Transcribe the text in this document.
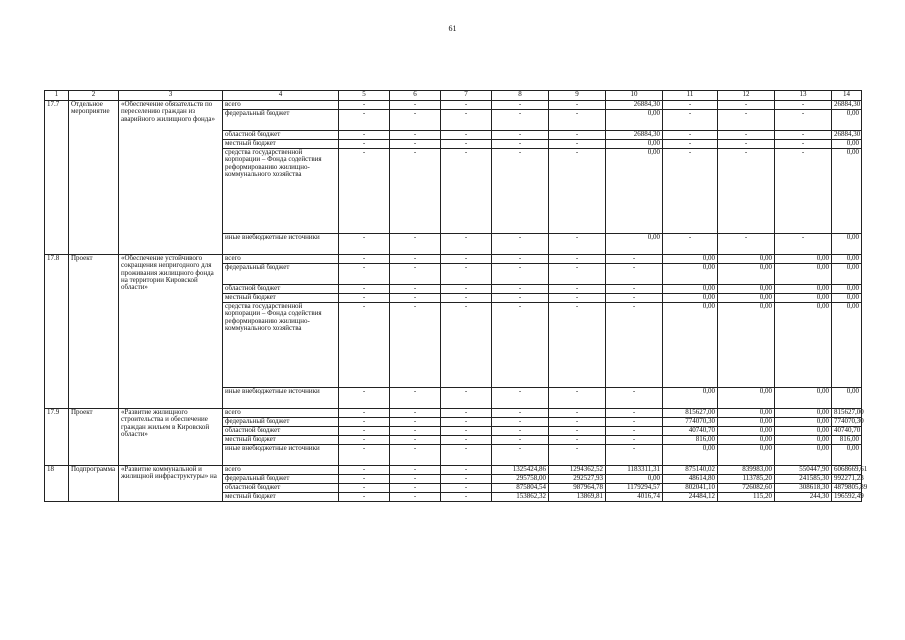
61
1	2	3	4	5	6	7	8	9	10	11	12	13	14
17.7	Отдельное мероприятие	«Обеспечение обязательств по переселению граждан из аварийного жилищного фонда»	всего	-	-	-	-	-	26884,30	-	-	-	26884,30
			федеральный бюджет	-	-	-	-	-	0,00	-	-	-	0,00
			областной бюджет	-	-	-	-	-	26884,30	-	-	-	26884,30
			местный бюджет	-	-	-	-	-	0,00	-	-	-	0,00
			средства государственной корпорации – Фонда содействия реформированию жилищно-коммунального хозяйства	-	-	-	-	-	0,00	-	-	-	0,00
			иные внебюджетные источники	-	-	-	-	-	0,00	-	-	-	0,00
17.8	Проект	«Обеспечение устойчивого сокращения непригодного для проживания жилищного фонда на территории Кировской области»	всего	-	-	-	-	-	-	0,00	0,00	0,00	0,00
			федеральный бюджет	-	-	-	-	-	-	0,00	0,00	0,00	0,00
			областной бюджет	-	-	-	-	-	-	0,00	0,00	0,00	0,00
			местный бюджет	-	-	-	-	-	-	0,00	0,00	0,00	0,00
			средства государственной корпорации – Фонда содействия реформированию жилищно-коммунального хозяйства	-	-	-	-	-	-	0,00	0,00	0,00	0,00
			иные внебюджетные источники	-	-	-	-	-	-	0,00	0,00	0,00	0,00
17.9	Проект	«Развитие жилищного строительства и обеспечение граждан жильем в Кировской области»	всего	-	-	-	-	-	-	815627,00	0,00	0,00	815627,00
			федеральный бюджет	-	-	-	-	-	-	774070,30	0,00	0,00	774070,30
			областной бюджет	-	-	-	-	-	-	40740,70	0,00	0,00	40740,70
			местный бюджет	-	-	-	-	-	-	816,00	0,00	0,00	816,00
			иные внебюджетные источники	-	-	-	-	-	-	0,00	0,00	0,00	0,00
18	Подпрограмма	«Развитие коммунальной и жилищной инфраструктуры» на	всего	-	-	-	1325424,86	1294362,52	1183311,31	875140,02	839983,00	550447,90	6068669,61
			федеральный бюджет	-	-	-	295758,00	292527,93	0,00	48614,80	113785,20	241585,30	992271,23
			областной бюджет	-	-	-	875804,54	987964,78	1179294,57	802041,10	726082,60	308618,30	4879805,89
			местный бюджет	-	-	-	153862,32	13869,81	4016,74	24484,12	115,20	244,30	196592,49
